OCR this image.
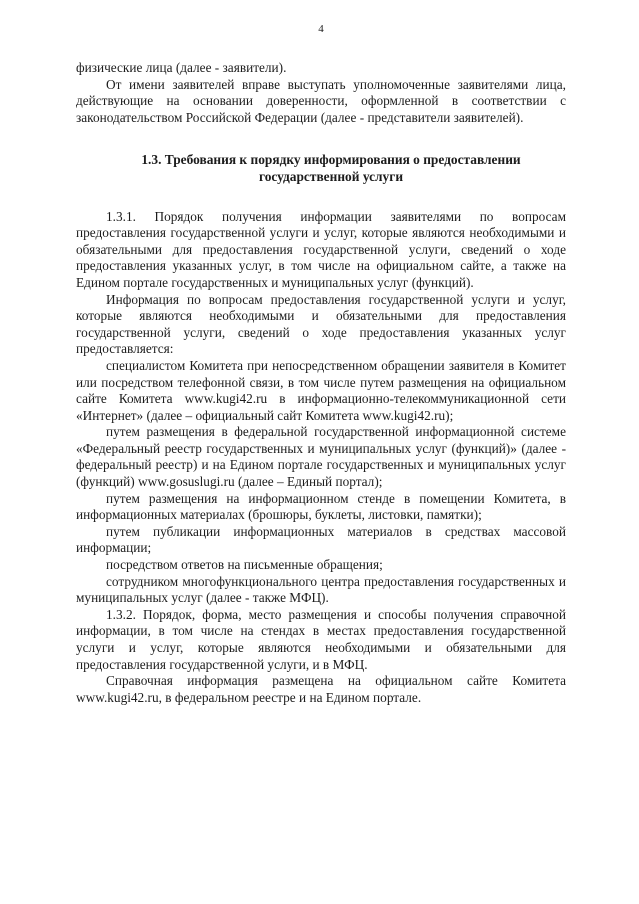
4

физические лица (далее - заявители).

От имени заявителей вправе выступать уполномоченные заявителями лица, действующие на основании доверенности, оформленной в соответствии с законодательством Российской Федерации (далее - представители заявителей).

1.3. Требования к порядку информирования о предоставлении государственной услуги

1.3.1. Порядок получения информации заявителями по вопросам предоставления государственной услуги и услуг, которые являются необходимыми и обязательными для предоставления государственной услуги, сведений о ходе предоставления указанных услуг, в том числе на официальном сайте, а также на Едином портале государственных и муниципальных услуг (функций).

Информация по вопросам предоставления государственной услуги и услуг, которые являются необходимыми и обязательными для предоставления государственной услуги, сведений о ходе предоставления указанных услуг предоставляется:

специалистом Комитета при непосредственном обращении заявителя в Комитет или посредством телефонной связи, в том числе путем размещения на официальном сайте Комитета www.kugi42.ru в информационно-телекоммуникационной сети «Интернет» (далее – официальный сайт Комитета www.kugi42.ru);

путем размещения в федеральной государственной информационной системе «Федеральный реестр государственных и муниципальных услуг (функций)» (далее - федеральный реестр) и на Едином портале государственных и муниципальных услуг (функций) www.gosuslugi.ru (далее – Единый портал);

путем размещения на информационном стенде в помещении Комитета, в информационных материалах (брошюры, буклеты, листовки, памятки);

путем публикации информационных материалов в средствах массовой информации;

посредством ответов на письменные обращения;

сотрудником многофункционального центра предоставления государственных и муниципальных услуг (далее - также МФЦ).

1.3.2. Порядок, форма, место размещения и способы получения справочной информации, в том числе на стендах в местах предоставления государственной услуги и услуг, которые являются необходимыми и обязательными для предоставления государственной услуги, и в МФЦ.

Справочная информация размещена на официальном сайте Комитета www.kugi42.ru, в федеральном реестре и на Едином портале.
